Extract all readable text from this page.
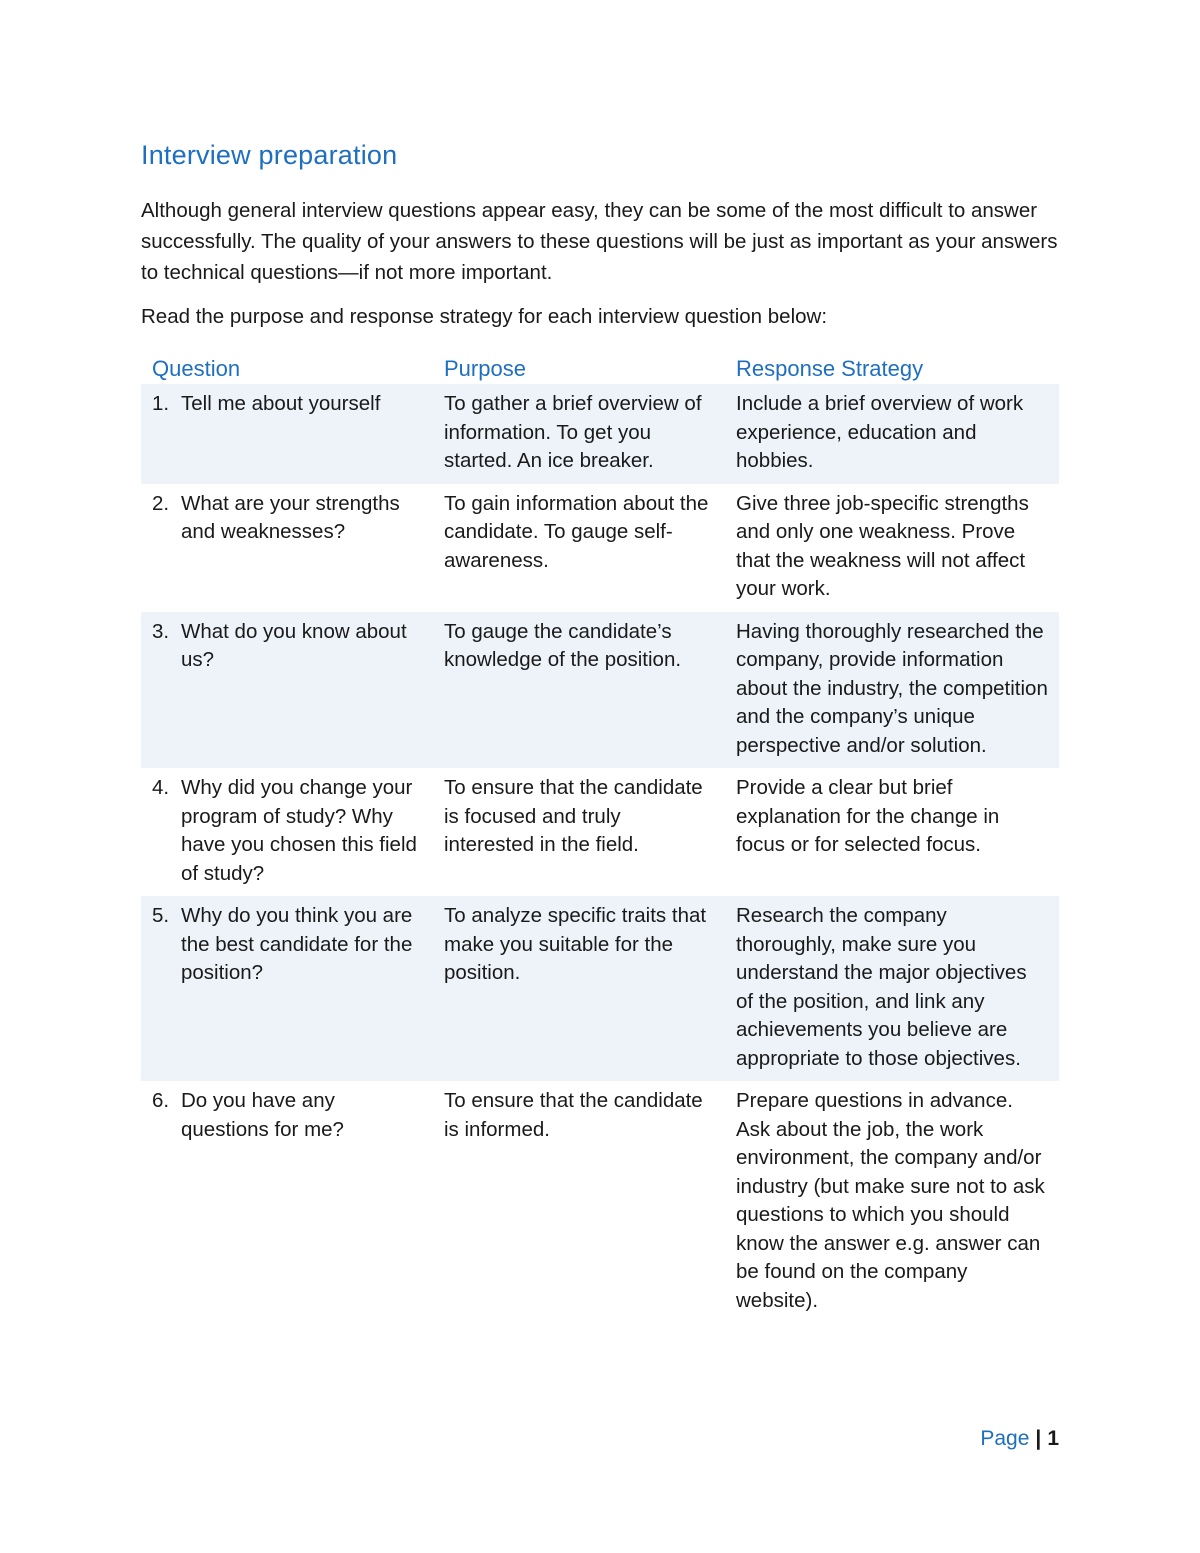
Interview preparation

Although general interview questions appear easy, they can be some of the most difficult to answer successfully. The quality of your answers to these questions will be just as important as your answers to technical questions—if not more important.

Read the purpose and response strategy for each interview question below:

Question	Purpose	Response Strategy

1. Tell me about yourself	To gather a brief overview of information. To get you started. An ice breaker.	Include a brief overview of work experience, education and hobbies.

2. What are your strengths and weaknesses?	To gain information about the candidate. To gauge self-awareness.	Give three job-specific strengths and only one weakness. Prove that the weakness will not affect your work.

3. What do you know about us?	To gauge the candidate’s knowledge of the position.	Having thoroughly researched the company, provide information about the industry, the competition and the company’s unique perspective and/or solution.

4. Why did you change your program of study? Why have you chosen this field of study?	To ensure that the candidate is focused and truly interested in the field.	Provide a clear but brief explanation for the change in focus or for selected focus.

5. Why do you think you are the best candidate for the position?	To analyze specific traits that make you suitable for the position.	Research the company thoroughly, make sure you understand the major objectives of the position, and link any achievements you believe are appropriate to those objectives.

6. Do you have any questions for me?	To ensure that the candidate is informed.	Prepare questions in advance. Ask about the job, the work environment, the company and/or industry (but make sure not to ask questions to which you should know the answer e.g. answer can be found on the company website).
Page | 1
